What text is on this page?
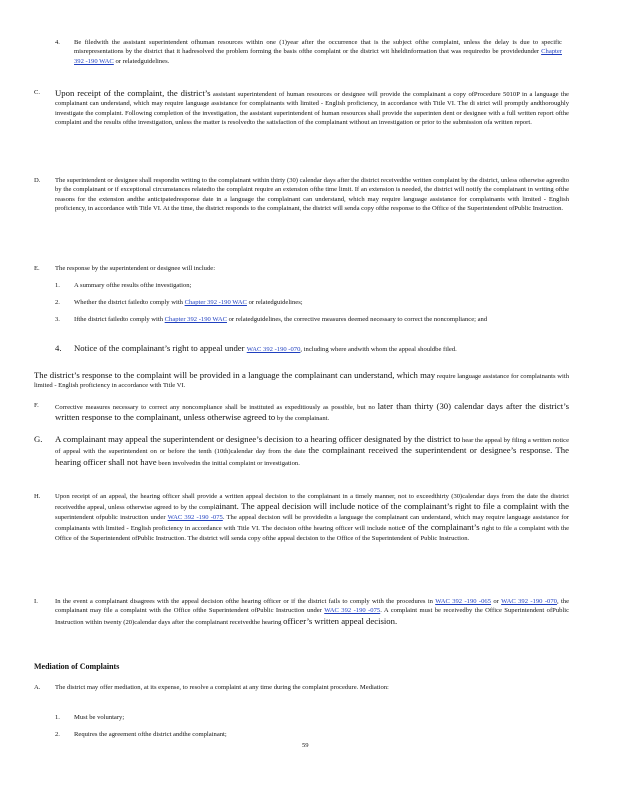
4. Be filedwith the assistant superintendent ofhuman resources within one (1)year after the occurrence that is the subject ofthe complaint, unless the delay is due to specific misrepresentations by the district that it hadresolved the problem forming the basis ofthe complaint or the district wit hheldinformation that was requiredto be providedunder Chapter 392 -190 WAC or relatedguidelines.
C. Upon receipt of the complaint, the district’s assistant superintendent of human resources or designee will provide the complainant a copy ofProcedure 5010P in a language the complainant can understand, which may require language assistance for complainants with limited - English proficiency, in accordance with Title VI. The di strict will promptly andthoroughly investigate the complaint. Following completion of the investigation, the assistant superintendent of human resources shall provide the superinten dent or designee with a full written report ofthe complaint and the results ofthe investigation, unless the matter is resolvedto the satisfaction of the complainant without an investigation or prior to the submission ofa written report.
D. The superintendent or designee shall respondin writing to the complainant within thirty (30) calendar days after the district receivedthe written complaint by the district, unless otherwise agreedto by the complainant or if exceptional circumstances relatedto the complaint require an extension ofthe time limit. If an extension is needed, the district will notify the complainant in writing ofthe reasons for the extension andthe anticipatedresponse date in a language the complainant can understand, which may require language assistance for complainants with limited - English proficiency, in accordance with Title VI. At the time, the district responds to the complainant, the district will senda copy ofthe response to the Office of the Superintendent ofPublic Instruction.
E. The response by the superintendent or designee will include:
1. A summary ofthe results ofthe investigation;
2. Whether the district failedto comply with Chapter 392 -190 WAC or relatedguidelines;
3. Ifthe district failedto comply with Chapter 392 -190 WAC or relatedguidelines, the corrective measures deemed necessary to correct the noncompliance; and
4. Notice of the complainant’s right to appeal under WAC 392 -190 -070, including where andwith whom the appeal shouldbe filed.
The district’s response to the complaint will be provided in a language the complainant can understand, which may require language assistance for complainants with limited - English proficiency in accordance with Title VI.
F. Corrective measures necessary to correct any noncompliance shall be instituted as expeditiously as possible, but no later than thirty (30) calendar days after the district’s written response to the complainant, unless otherwise agreed to by the complainant.
G. A complainant may appeal the superintendent or designee’s decision to a hearing officer designated by the district to hear the appeal by filing a written notice of appeal with the superintendent on or before the tenth (10th)calendar day from the date the complainant received the superintendent or designee’s response. The hearing officer shall not have been involvedin the initial complaint or investigation.
H. Upon receipt of an appeal, the hearing officer shall provide a written appeal decision to the complainant in a timely manner, not to exceedthirty (30)calendar days from the date the district receivedthe appeal, unless otherwise agreed to by the complainant. The appeal decision will include notice of the complainant’s right to file a complaint with the superintendent ofpublic instruction under WAC 392 -190 -075. The appeal decision will be providedin a language the complainant can understand, which may require language assistance for complainants with limited - English proficiency in accordance with Title VI. The decision ofthe hearing officer will include notice of the complainant’s right to file a complaint with the Office of the Superintendent ofPublic Instruction. The district will senda copy ofthe appeal decision to the Office of the Superintendent of Public Instruction.
I.	In the event a complainant disagrees with the appeal decision ofthe hearing officer or if the district fails to comply with the procedures in WAC 392 -190 -065 or WAC 392 -190 -070, the complainant may file a complaint with the Office ofthe Superintendent ofPublic Instruction under WAC 392 -190 -075. A complaint must be receivedby the Office Superintendent ofPublic Instruction within twenty (20)calendar days after the complainant receivedthe hearing officer’s written appeal decision.
Mediation of Complaints
A. The district may offer mediation, at its expense, to resolve a complaint at any time during the complaint procedure. Mediation:
1. Must be voluntary;
2. Requires the agreement ofthe district andthe complainant;
59
